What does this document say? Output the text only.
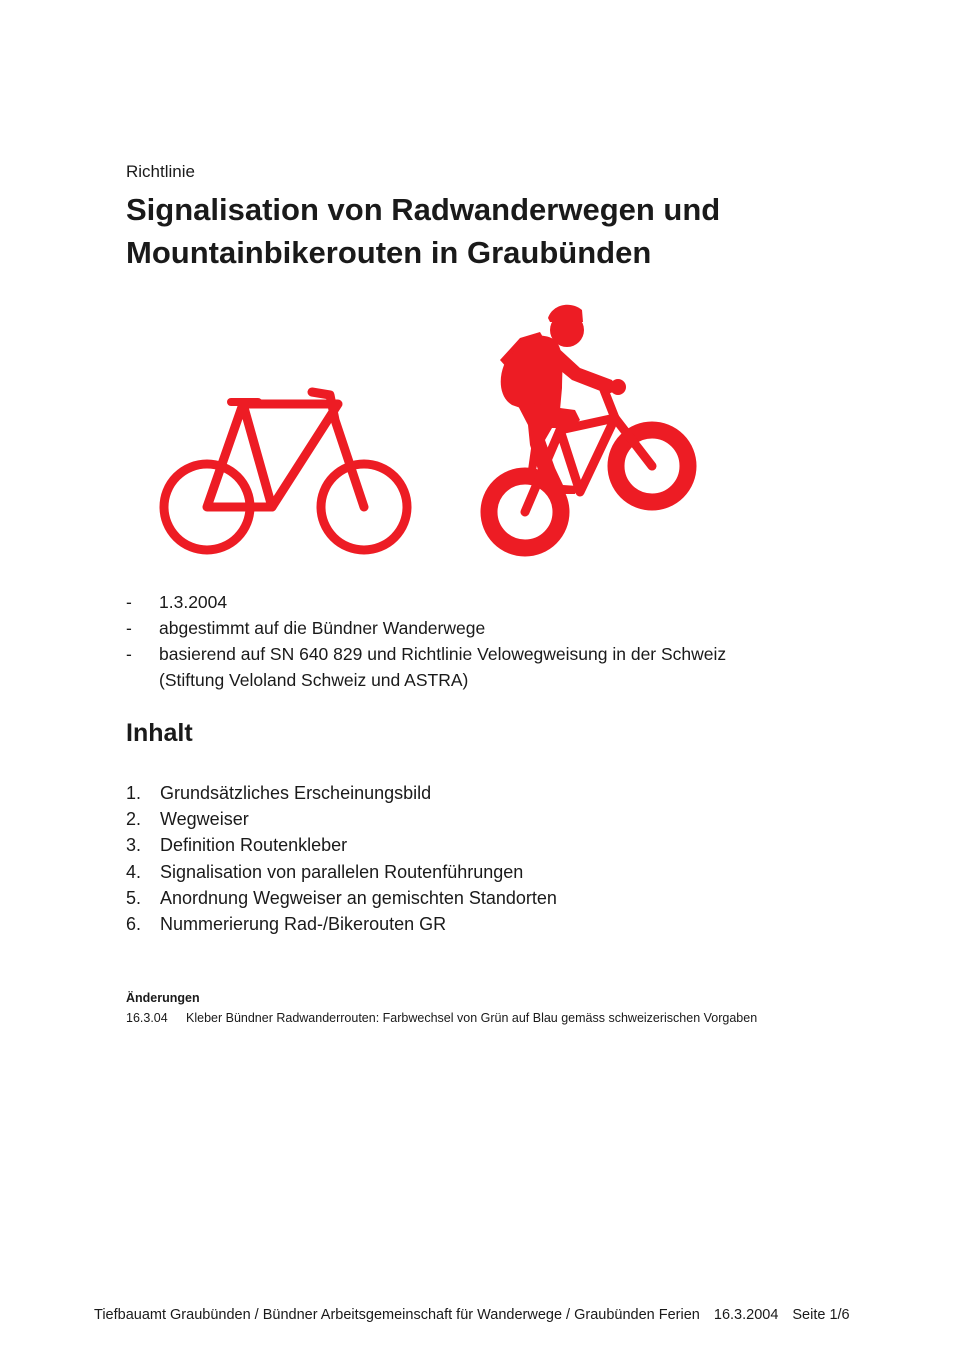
Richtlinie
Signalisation von Radwanderwegen und
Mountainbikerouten in Graubünden
-	1.3.2004
-	abgestimmt auf die Bündner Wanderwege
-	basierend auf SN 640 829 und Richtlinie Velowegweisung in der Schweiz
(Stiftung Veloland Schweiz und ASTRA)
Inhalt
1.	Grundsätzliches Erscheinungsbild
2.	Wegweiser
3.	Definition Routenkleber
4.	Signalisation von parallelen Routenführungen
5.	Anordnung Wegweiser an gemischten Standorten
6.	Nummerierung Rad-/Bikerouten GR
Änderungen
16.3.04 Kleber Bündner Radwanderrouten: Farbwechsel von Grün auf Blau gemäss schweizerischen Vorgaben
Tiefbauamt Graubünden / Bündner Arbeitsgemeinschaft für Wanderwege / Graubünden Ferien 16.3.2004 Seite 1/6
